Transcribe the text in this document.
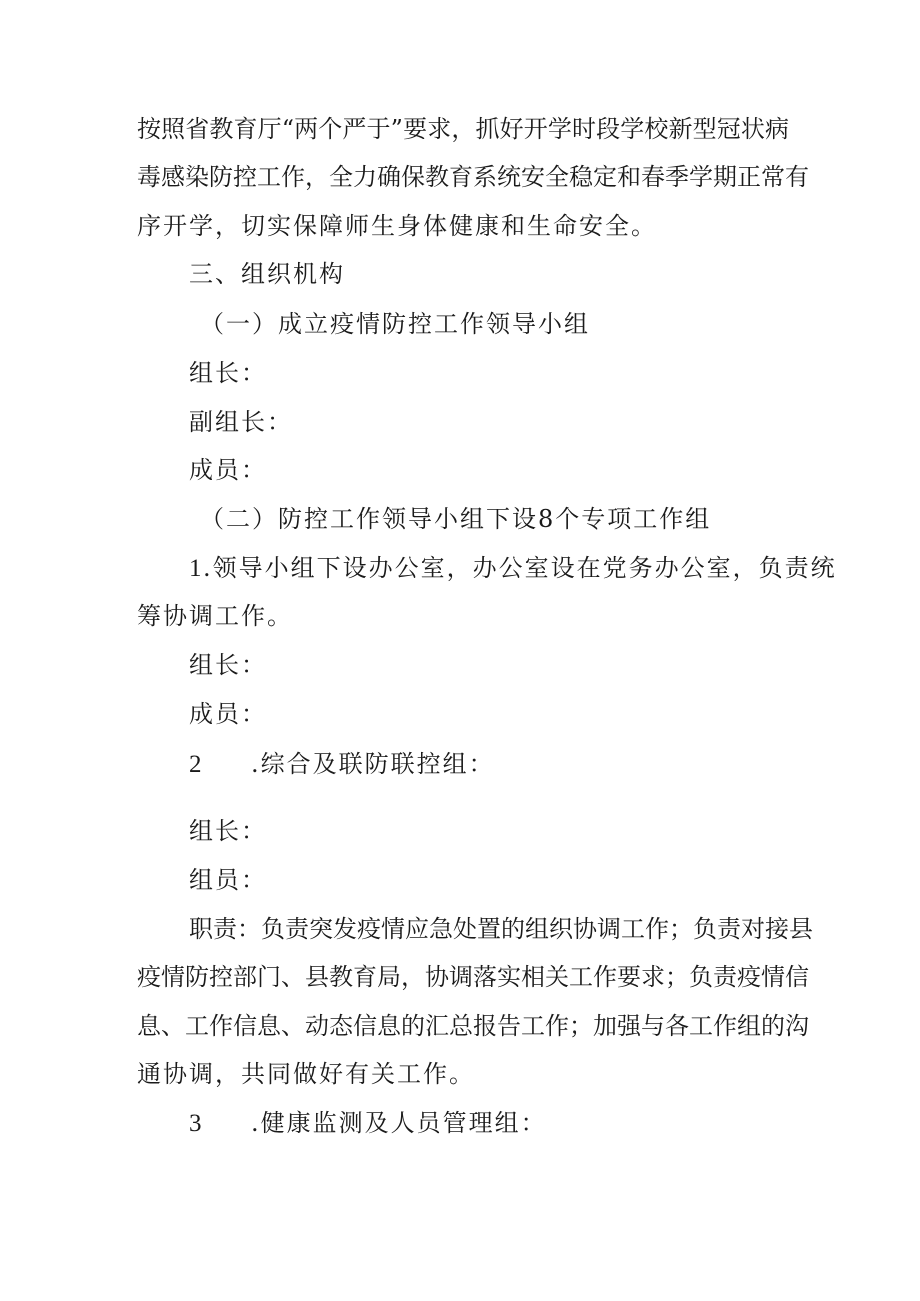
按照省教育厅“两个严于”要求，抓好开学时段学校新型冠状病
毒感染防控工作，全力确保教育系统安全稳定和春季学期正常有
序开学，切实保障师生身体健康和生命安全。
三、组织机构
（一）成立疫情防控工作领导小组
组长：
副组长：
成员：
（二）防控工作领导小组下设8个专项工作组
1.领导小组下设办公室，办公室设在党务办公室，负责统
筹协调工作。
组长：
成员：
2 .综合及联防联控组：
组长：
组员：
职责：负责突发疫情应急处置的组织协调工作；负责对接县
疫情防控部门、县教育局，协调落实相关工作要求；负责疫情信
息、工作信息、动态信息的汇总报告工作；加强与各工作组的沟
通协调，共同做好有关工作。
3 .健康监测及人员管理组：
